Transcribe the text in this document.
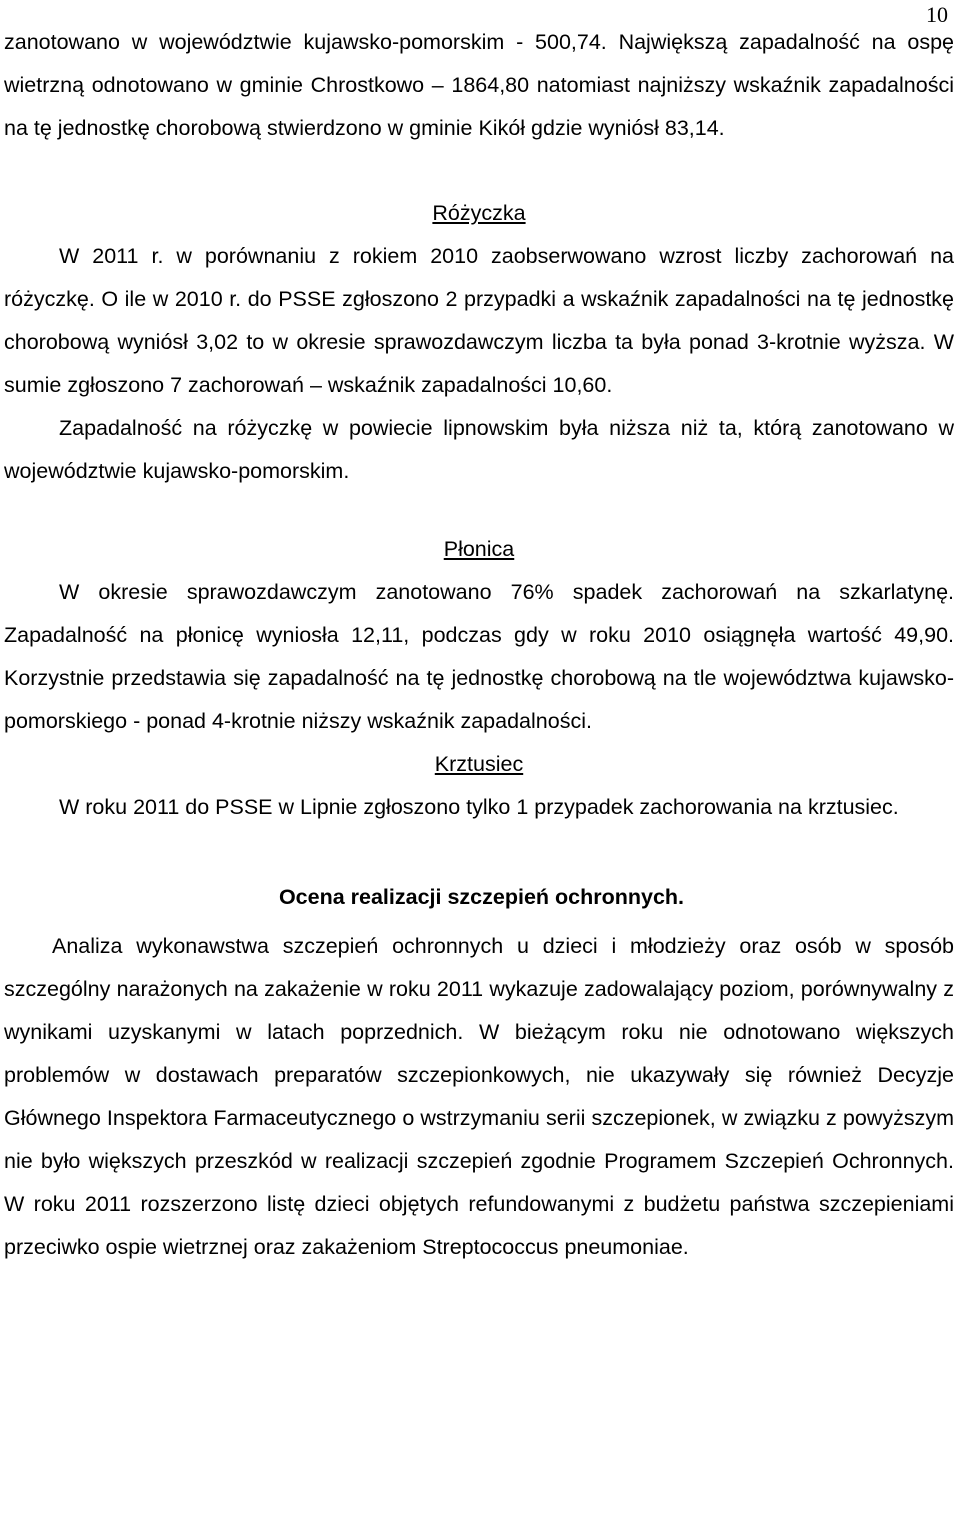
10

zanotowano w województwie kujawsko-pomorskim - 500,74. Największą zapadalność na ospę wietrzną odnotowano w gminie Chrostkowo – 1864,80 natomiast najniższy wskaźnik zapadalności na tę jednostkę chorobową stwierdzono w gminie Kikół gdzie wyniósł 83,14.

Różyczka

W 2011 r. w porównaniu z rokiem 2010 zaobserwowano wzrost liczby zachorowań na różyczkę. O ile w 2010 r. do PSSE zgłoszono 2 przypadki a wskaźnik zapadalności na tę jednostkę chorobową wyniósł 3,02 to w okresie sprawozdawczym liczba ta była ponad 3-krotnie wyższa. W sumie zgłoszono 7 zachorowań – wskaźnik zapadalności 10,60.

Zapadalność na różyczkę w powiecie lipnowskim była niższa niż ta, którą zanotowano w województwie kujawsko-pomorskim.

Płonica

W okresie sprawozdawczym zanotowano 76% spadek zachorowań na szkarlatynę. Zapadalność na płonicę wyniosła 12,11, podczas gdy w roku 2010 osiągnęła wartość 49,90. Korzystnie przedstawia się zapadalność na tę jednostkę chorobową na tle województwa kujawsko-pomorskiego - ponad 4-krotnie niższy wskaźnik zapadalności.

Krztusiec

W roku 2011 do PSSE w Lipnie zgłoszono tylko 1 przypadek zachorowania na krztusiec.

Ocena realizacji szczepień ochronnych.

Analiza wykonawstwa szczepień ochronnych u dzieci i młodzieży oraz osób w sposób szczególny narażonych na zakażenie w roku 2011 wykazuje zadowalający poziom, porównywalny z wynikami uzyskanymi w latach poprzednich. W bieżącym roku nie odnotowano większych problemów w dostawach preparatów szczepionkowych, nie ukazywały się również Decyzje Głównego Inspektora Farmaceutycznego o wstrzymaniu serii szczepionek, w związku z powyższym nie było większych przeszkód w realizacji szczepień zgodnie Programem Szczepień Ochronnych. W roku 2011 rozszerzono listę dzieci objętych refundowanymi z budżetu państwa szczepieniami przeciwko ospie wietrznej oraz zakażeniom Streptococcus pneumoniae.
